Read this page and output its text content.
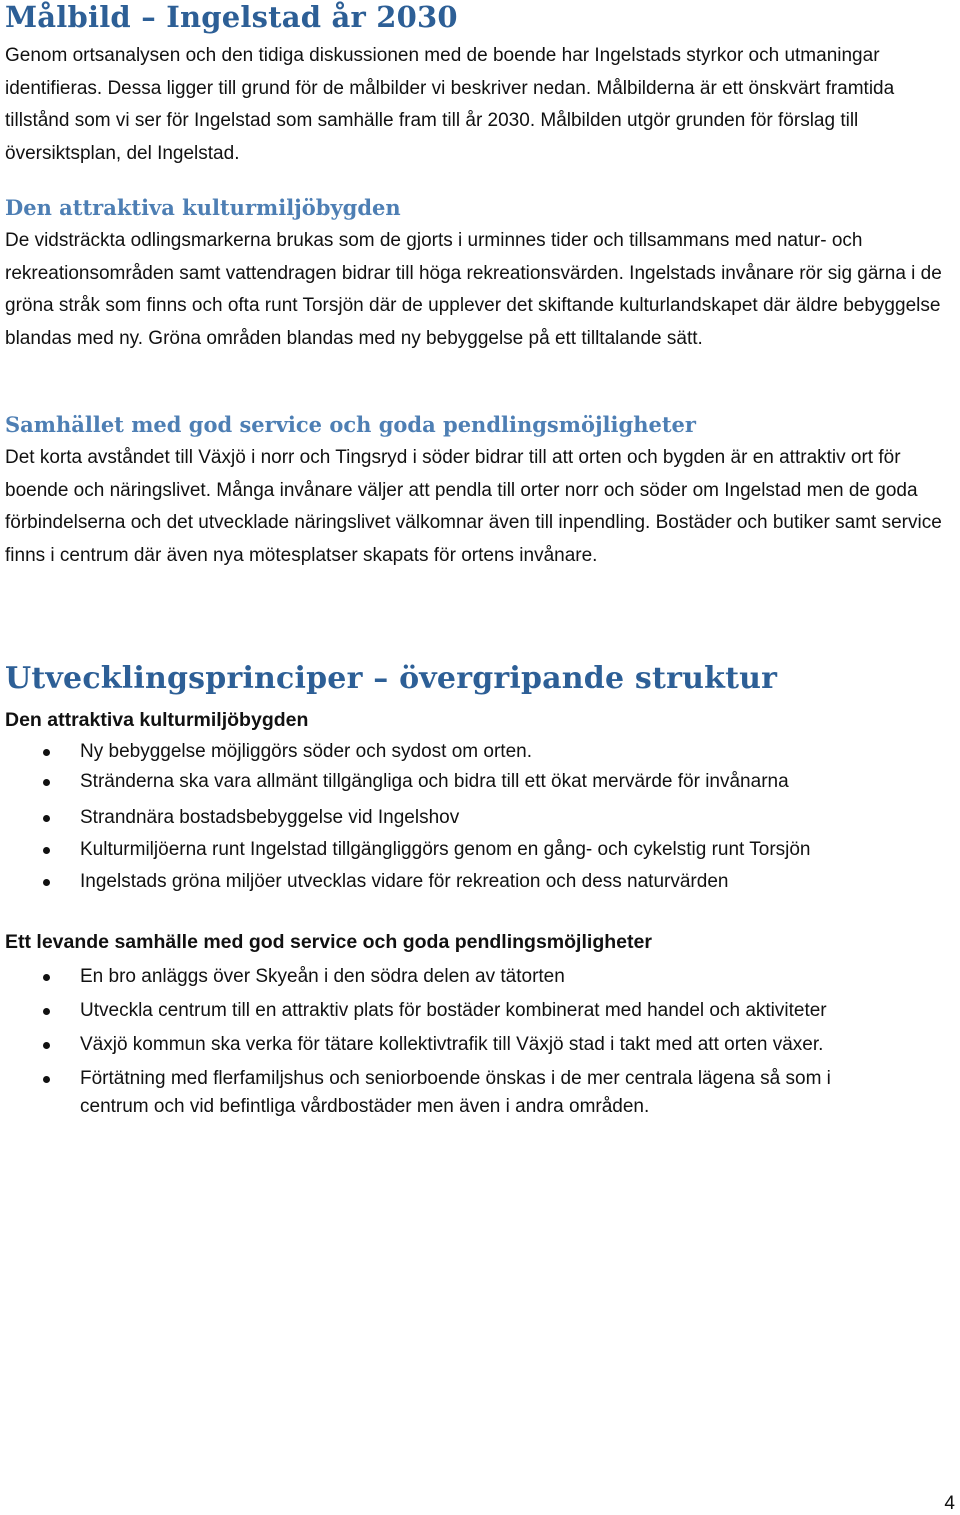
Målbild – Ingelstad år 2030

Genom ortsanalysen och den tidiga diskussionen med de boende har Ingelstads styrkor och utmaningar identifieras. Dessa ligger till grund för de målbilder vi beskriver nedan. Målbilderna är ett önskvärt framtida tillstånd som vi ser för Ingelstad som samhälle fram till år 2030. Målbilden utgör grunden för förslag till översiktsplan, del Ingelstad.

Den attraktiva kulturmiljöbygden

De vidsträckta odlingsmarkerna brukas som de gjorts i urminnes tider och tillsammans med natur- och rekreationsområden samt vattendragen bidrar till höga rekreationsvärden. Ingelstads invånare rör sig gärna i de gröna stråk som finns och ofta runt Torsjön där de upplever det skiftande kulturlandskapet där äldre bebyggelse blandas med ny. Gröna områden blandas med ny bebyggelse på ett tilltalande sätt.

Samhället med god service och goda pendlingsmöjligheter

Det korta avståndet till Växjö i norr och Tingsryd i söder bidrar till att orten och bygden är en attraktiv ort för boende och näringslivet. Många invånare väljer att pendla till orter norr och söder om Ingelstad men de goda förbindelserna och det utvecklade näringslivet välkomnar även till inpendling. Bostäder och butiker samt service finns i centrum där även nya mötesplatser skapats för ortens invånare.

Utvecklingsprinciper – övergripande struktur
Den attraktiva kulturmiljöbygden
Ny bebyggelse möjliggörs söder och sydost om orten.
Stränderna ska vara allmänt tillgängliga och bidra till ett ökat mervärde för invånarna
Strandnära bostadsbebyggelse vid Ingelshov
Kulturmiljöerna runt Ingelstad tillgängliggörs genom en gång- och cykelstig runt Torsjön
Ingelstads gröna miljöer utvecklas vidare för rekreation och dess naturvärden
Ett levande samhälle med god service och goda pendlingsmöjligheter
En bro anläggs över Skyeån i den södra delen av tätorten
Utveckla centrum till en attraktiv plats för bostäder kombinerat med handel och aktiviteter
Växjö kommun ska verka för tätare kollektivtrafik till Växjö stad i takt med att orten växer.
Förtätning med flerfamiljshus och seniorboende önskas i de mer centrala lägena så som i centrum och vid befintliga vårdbostäder men även i andra områden.
4
